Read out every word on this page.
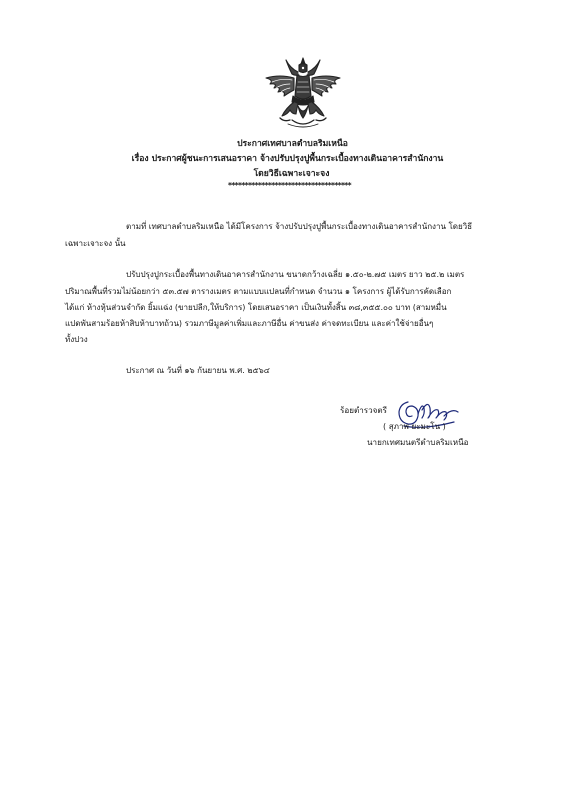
ประกาศเทศบาลตำบลริมเหนือ
เรื่อง ประกาศผู้ชนะการเสนอราคา จ้างปรับปรุงปูพื้นกระเบื้องทางเดินอาคารสำนักงาน
โดยวิธีเฉพาะเจาะจง
*************************************
ตามที่ เทศบาลตำบลริมเหนือ ได้มีโครงการ จ้างปรับปรุงปูพื้นกระเบื้องทางเดินอาคารสำนักงาน โดยวิธี
เฉพาะเจาะจง นั้น
ปรับปรุงปูกระเบื้องพื้นทางเดินอาคารสำนักงาน ขนาดกว้างเฉลี่ย ๑.๕๐-๒.๗๕ เมตร ยาว ๒๕.๒ เมตร
ปริมาณพื้นที่รวมไม่น้อยกว่า ๕๓.๕๗ ตารางเมตร ตามแบบแปลนที่กำหนด จำนวน ๑ โครงการ ผู้ได้รับการคัดเลือก
ได้แก่ ห้างหุ้นส่วนจำกัด ยิ้มแฉ่ง (ขายปลีก,ให้บริการ) โดยเสนอราคา เป็นเงินทั้งสิ้น ๓๘,๓๕๕.๐๐ บาท (สามหมื่น
แปดพันสามร้อยห้าสิบห้าบาทถ้วน) รวมภาษีมูลค่าเพิ่มและภาษีอื่น ค่าขนส่ง ค่าจดทะเบียน และค่าใช้จ่ายอื่นๆ
ทั้งปวง
ประกาศ ณ วันที่ ๑๖ กันยายน พ.ศ. ๒๕๖๔
ร้อยตำรวจตรี
( สุภาพ ยะมะโน )
นายกเทศมนตรีตำบลริมเหนือ
